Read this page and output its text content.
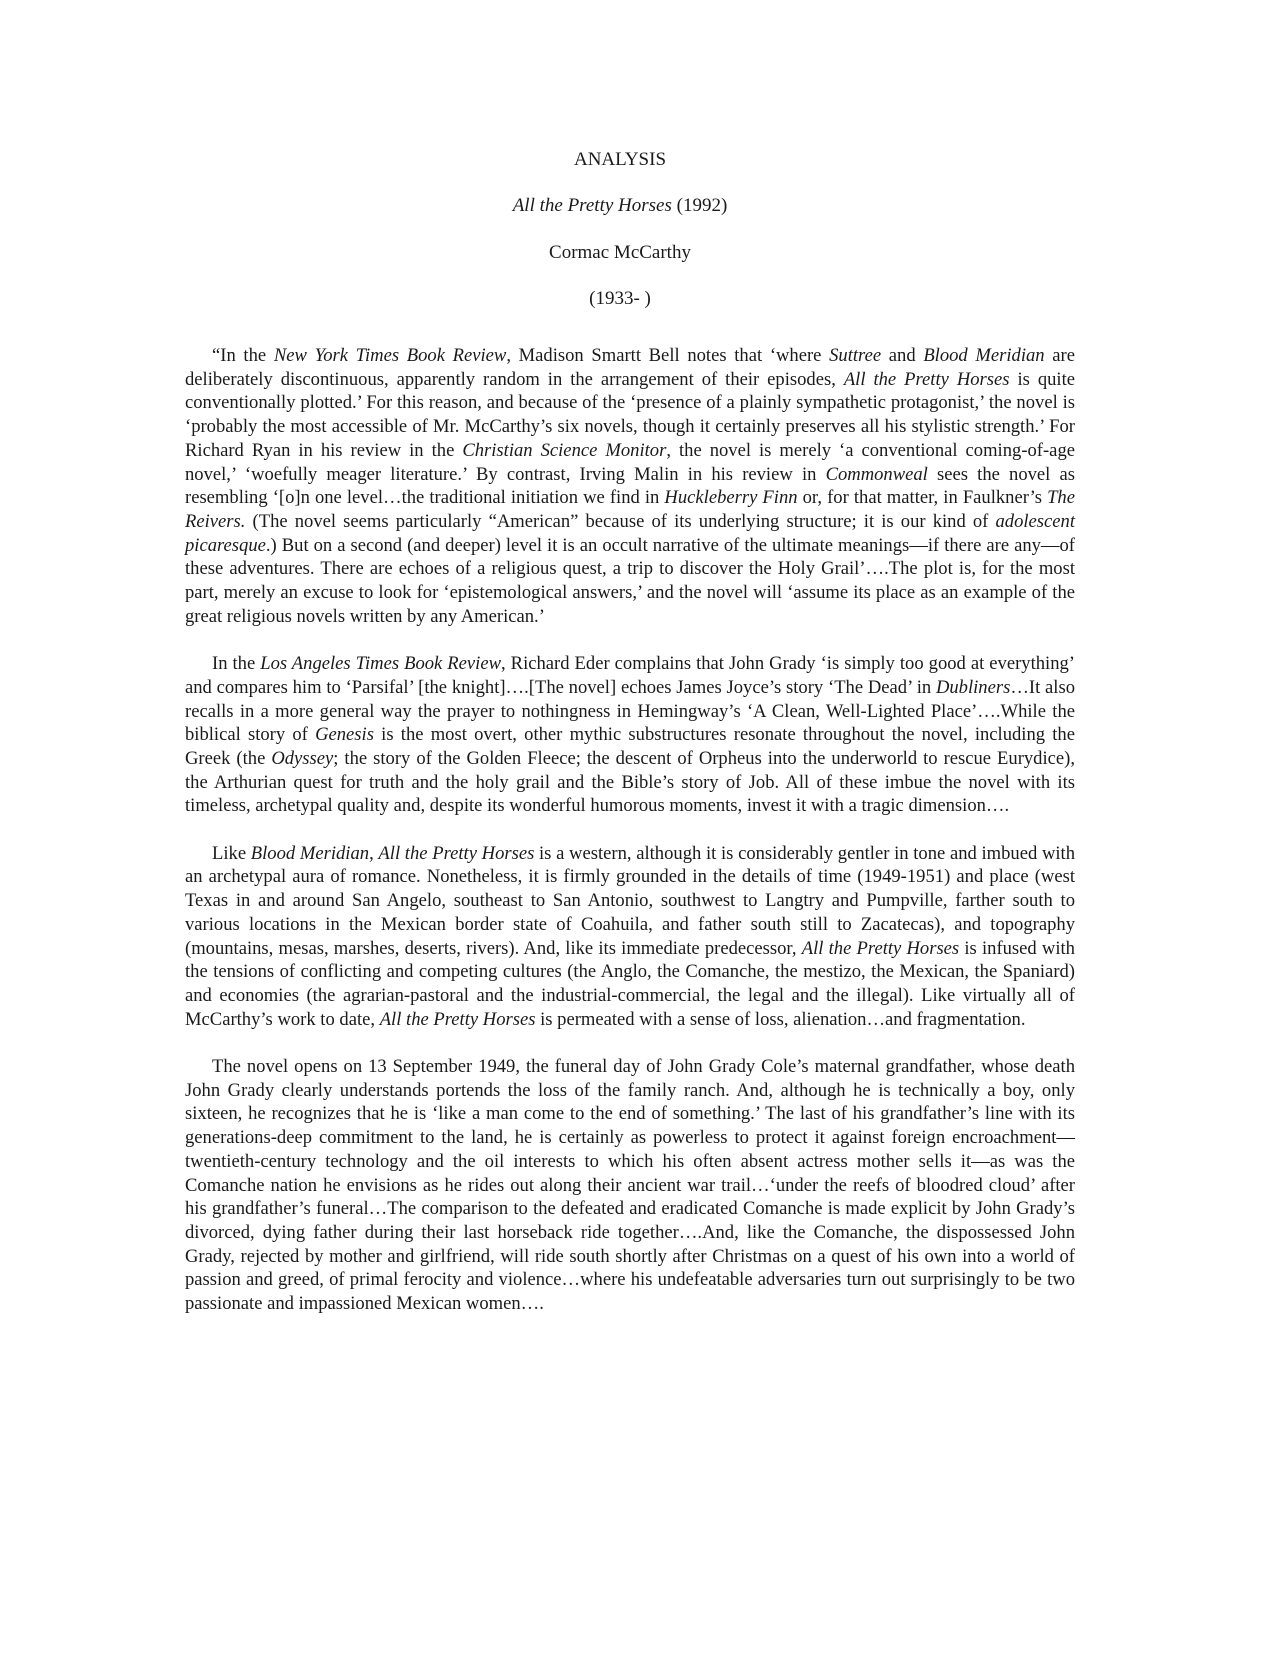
ANALYSIS
All the Pretty Horses (1992)
Cormac McCarthy
(1933- )

“In the New York Times Book Review, Madison Smartt Bell notes that ‘where Suttree and Blood Meridian are deliberately discontinuous, apparently random in the arrangement of their episodes, All the Pretty Horses is quite conventionally plotted.’ For this reason, and because of the ‘presence of a plainly sympathetic protagonist,’ the novel is ‘probably the most accessible of Mr. McCarthy’s six novels, though it certainly preserves all his stylistic strength.’ For Richard Ryan in his review in the Christian Science Monitor, the novel is merely ‘a conventional coming-of-age novel,’ ‘woefully meager literature.’ By contrast, Irving Malin in his review in Commonweal sees the novel as resembling ‘[o]n one level…the traditional initiation we find in Huckleberry Finn or, for that matter, in Faulkner’s The Reivers. (The novel seems particularly “American” because of its underlying structure; it is our kind of adolescent picaresque.) But on a second (and deeper) level it is an occult narrative of the ultimate meanings—if there are any—of these adventures. There are echoes of a religious quest, a trip to discover the Holy Grail’….The plot is, for the most part, merely an excuse to look for ‘epistemological answers,’ and the novel will ‘assume its place as an example of the great religious novels written by any American.’

In the Los Angeles Times Book Review, Richard Eder complains that John Grady ‘is simply too good at everything’ and compares him to ‘Parsifal’ [the knight]….[The novel] echoes James Joyce’s story ‘The Dead’ in Dubliners…It also recalls in a more general way the prayer to nothingness in Hemingway’s ‘A Clean, Well-Lighted Place’….While the biblical story of Genesis is the most overt, other mythic substructures resonate throughout the novel, including the Greek (the Odyssey; the story of the Golden Fleece; the descent of Orpheus into the underworld to rescue Eurydice), the Arthurian quest for truth and the holy grail and the Bible’s story of Job. All of these imbue the novel with its timeless, archetypal quality and, despite its wonderful humorous moments, invest it with a tragic dimension….

Like Blood Meridian, All the Pretty Horses is a western, although it is considerably gentler in tone and imbued with an archetypal aura of romance. Nonetheless, it is firmly grounded in the details of time (1949-1951) and place (west Texas in and around San Angelo, southeast to San Antonio, southwest to Langtry and Pumpville, farther south to various locations in the Mexican border state of Coahuila, and father south still to Zacatecas), and topography (mountains, mesas, marshes, deserts, rivers). And, like its immediate predecessor, All the Pretty Horses is infused with the tensions of conflicting and competing cultures (the Anglo, the Comanche, the mestizo, the Mexican, the Spaniard) and economies (the agrarian-pastoral and the industrial-commercial, the legal and the illegal). Like virtually all of McCarthy’s work to date, All the Pretty Horses is permeated with a sense of loss, alienation…and fragmentation.

The novel opens on 13 September 1949, the funeral day of John Grady Cole’s maternal grandfather, whose death John Grady clearly understands portends the loss of the family ranch. And, although he is technically a boy, only sixteen, he recognizes that he is ‘like a man come to the end of something.’ The last of his grandfather’s line with its generations-deep commitment to the land, he is certainly as powerless to protect it against foreign encroachment—twentieth-century technology and the oil interests to which his often absent actress mother sells it—as was the Comanche nation he envisions as he rides out along their ancient war trail…‘under the reefs of bloodred cloud’ after his grandfather’s funeral…The comparison to the defeated and eradicated Comanche is made explicit by John Grady’s divorced, dying father during their last horseback ride together….And, like the Comanche, the dispossessed John Grady, rejected by mother and girlfriend, will ride south shortly after Christmas on a quest of his own into a world of passion and greed, of primal ferocity and violence…where his undefeatable adversaries turn out surprisingly to be two passionate and impassioned Mexican women….
